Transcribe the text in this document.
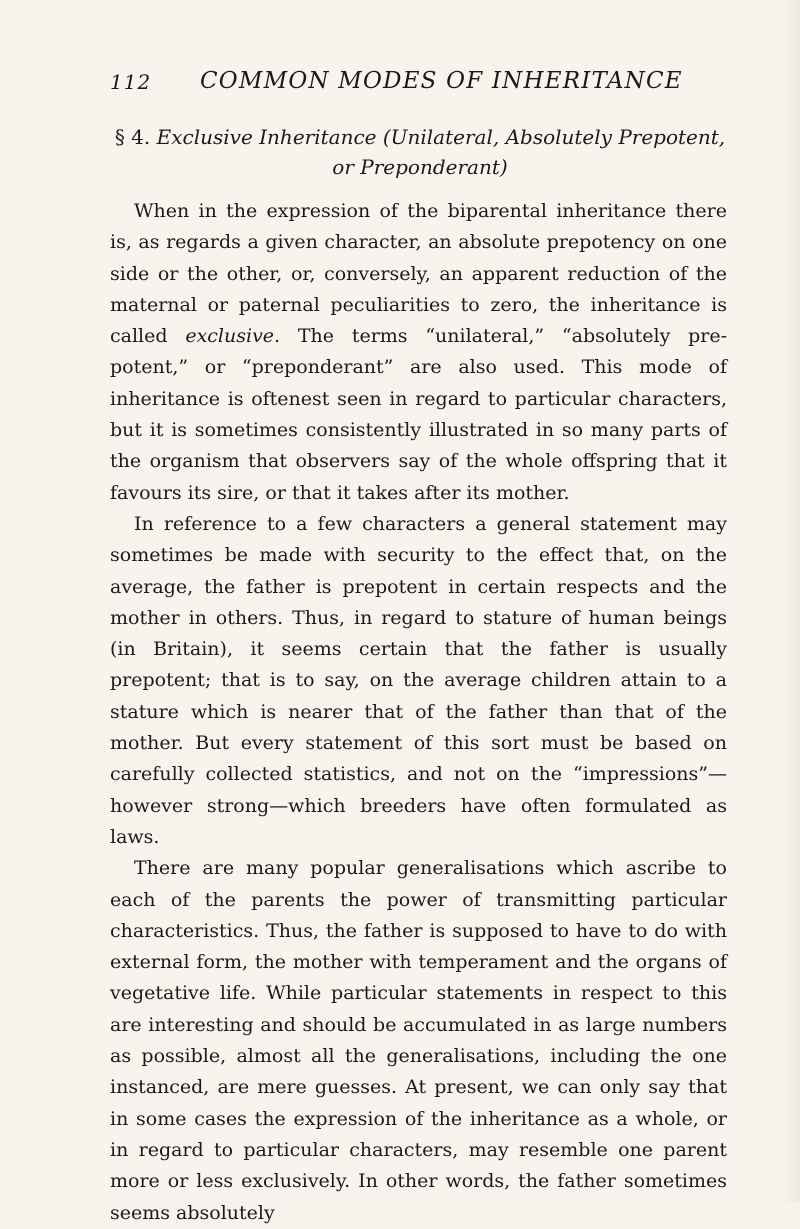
112 COMMON MODES OF INHERITANCE
§ 4. Exclusive Inheritance (Unilateral, Absolutely Prepotent, or Preponderant)

When in the expression of the biparental inheritance there is, as regards a given character, an absolute prepotency on one side or the other, or, conversely, an apparent reduction of the maternal or paternal peculiarities to zero, the inheritance is called exclusive. The terms “unilateral,” “absolutely pre-potent,” or “preponderant” are also used. This mode of inheritance is oftenest seen in regard to particular characters, but it is sometimes consistently illustrated in so many parts of the organism that observers say of the whole offspring that it favours its sire, or that it takes after its mother.

In reference to a few characters a general statement may sometimes be made with security to the effect that, on the average, the father is prepotent in certain respects and the mother in others. Thus, in regard to stature of human beings (in Britain), it seems certain that the father is usually prepotent; that is to say, on the average children attain to a stature which is nearer that of the father than that of the mother. But every statement of this sort must be based on carefully collected statistics, and not on the “impressions”—however strong—which breeders have often formulated as laws.

There are many popular generalisations which ascribe to each of the parents the power of transmitting particular characteristics. Thus, the father is supposed to have to do with external form, the mother with temperament and the organs of vegetative life. While particular statements in respect to this are interesting and should be accumulated in as large numbers as possible, almost all the generalisations, including the one instanced, are mere guesses. At present, we can only say that in some cases the expression of the inheritance as a whole, or in regard to particular characters, may resemble one parent more or less exclusively. In other words, the father sometimes seems absolutely
